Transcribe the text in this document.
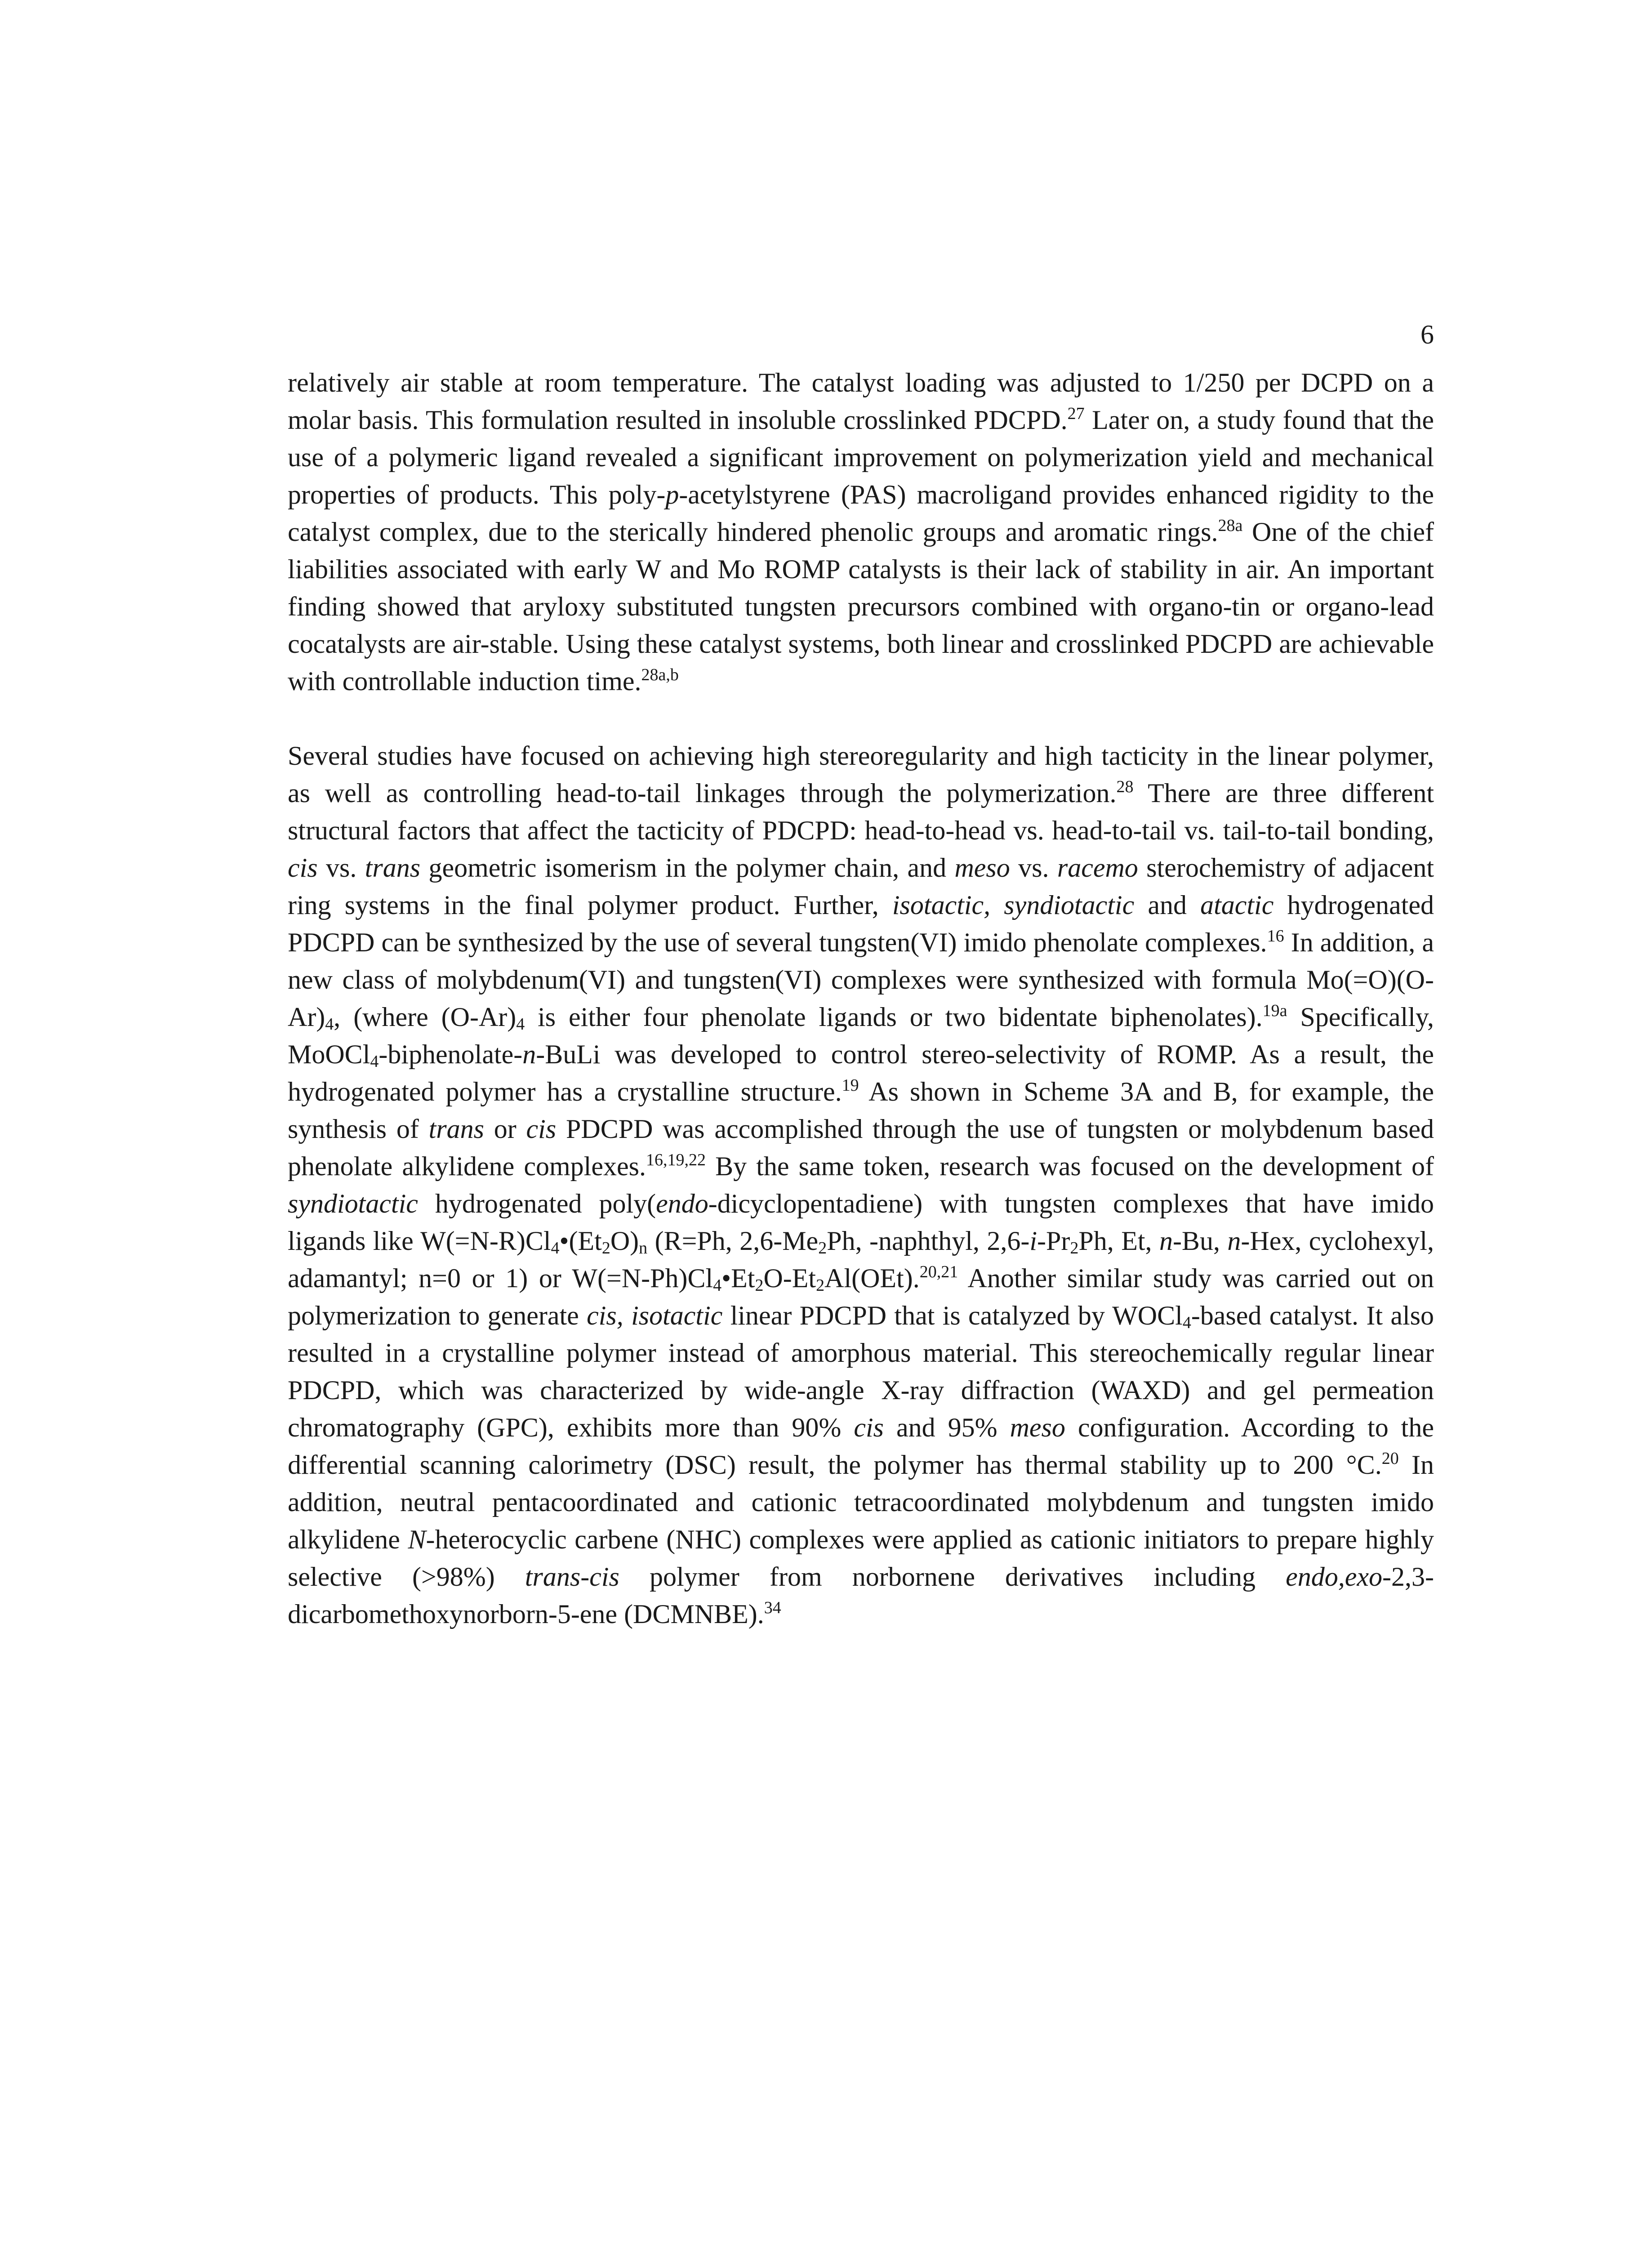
6

relatively air stable at room temperature. The catalyst loading was adjusted to 1/250 per DCPD on a molar basis. This formulation resulted in insoluble crosslinked PDCPD.$^{27}$ Later on, a study found that the use of a polymeric ligand revealed a significant improvement on polymerization yield and mechanical properties of products. This poly-p-acetylstyrene (PAS) macroligand provides enhanced rigidity to the catalyst complex, due to the sterically hindered phenolic groups and aromatic rings.$^{28a}$ One of the chief liabilities associated with early W and Mo ROMP catalysts is their lack of stability in air. An important finding showed that aryloxy substituted tungsten precursors combined with organo-tin or organo-lead cocatalysts are air-stable. Using these catalyst systems, both linear and crosslinked PDCPD are achievable with controllable induction time.$^{28a,b}$

Several studies have focused on achieving high stereoregularity and high tacticity in the linear polymer, as well as controlling head-to-tail linkages through the polymerization.$^{28}$ There are three different structural factors that affect the tacticity of PDCPD: head-to-head vs. head-to-tail vs. tail-to-tail bonding, cis vs. trans geometric isomerism in the polymer chain, and meso vs. racemo sterochemistry of adjacent ring systems in the final polymer product. Further, isotactic, syndiotactic and atactic hydrogenated PDCPD can be synthesized by the use of several tungsten(VI) imido phenolate complexes.$^{16}$ In addition, a new class of molybdenum(VI) and tungsten(VI) complexes were synthesized with formula Mo(=O)(O-Ar)4, (where (O-Ar)4 is either four phenolate ligands or two bidentate biphenolates).$^{19a}$ Specifically, MoOCl4-biphenolate-n-BuLi was developed to control stereo-selectivity of ROMP. As a result, the hydrogenated polymer has a crystalline structure.$^{19}$ As shown in Scheme 3A and B, for example, the synthesis of trans or cis PDCPD was accomplished through the use of tungsten or molybdenum based phenolate alkylidene complexes.$^{16,19,22}$ By the same token, research was focused on the development of syndiotactic hydrogenated poly(endo-dicyclopentadiene) with tungsten complexes that have imido ligands like W(=N-R)Cl4•(Et2O)n (R=Ph, 2,6-Me2Ph, -naphthyl, 2,6-i-Pr2Ph, Et, n-Bu, n-Hex, cyclohexyl, adamantyl; n=0 or 1) or W(=N-Ph)Cl4•Et2O-Et2Al(OEt).$^{20,21}$ Another similar study was carried out on polymerization to generate cis, isotactic linear PDCPD that is catalyzed by WOCl4-based catalyst. It also resulted in a crystalline polymer instead of amorphous material. This stereochemically regular linear PDCPD, which was characterized by wide-angle X-ray diffraction (WAXD) and gel permeation chromatography (GPC), exhibits more than 90% cis and 95% meso configuration. According to the differential scanning calorimetry (DSC) result, the polymer has thermal stability up to 200 °C.$^{20}$ In addition, neutral pentacoordinated and cationic tetracoordinated molybdenum and tungsten imido alkylidene N-heterocyclic carbene (NHC) complexes were applied as cationic initiators to prepare highly selective (>98%) trans-cis polymer from norbornene derivatives including endo,exo-2,3-dicarbomethoxynorborn-5-ene (DCMNBE).$^{34}$
